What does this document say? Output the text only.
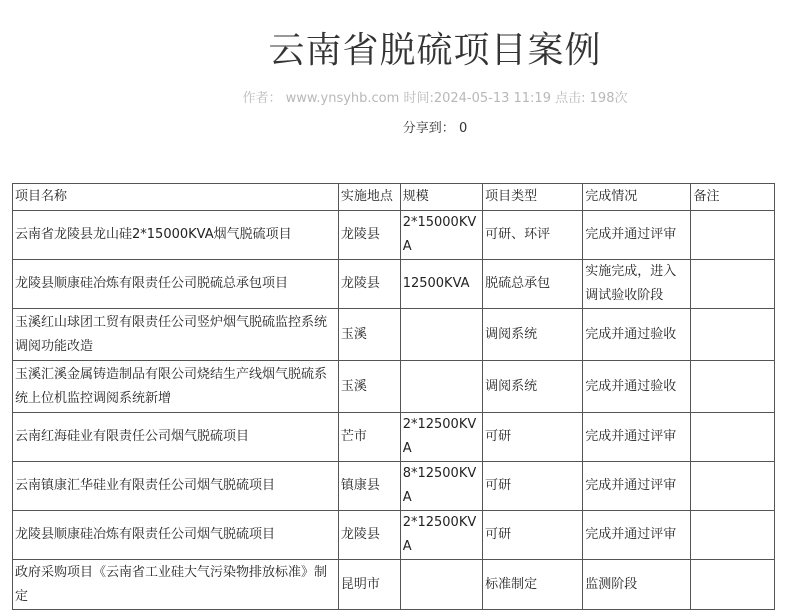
云南省脱硫项目案例
作者： www.ynsyhb.com 时间:2024-05-13 11:19 点击: 198次
分享到： 0
项目名称	实施地点	规模	项目类型	完成情况	备注
云南省龙陵县龙山硅2*15000KVA烟气脱硫项目	龙陵县	2*15000KVA	可研、环评	完成并通过评审	
龙陵县顺康硅冶炼有限责任公司脱硫总承包项目	龙陵县	12500KVA	脱硫总承包	实施完成，进入调试验收阶段	
玉溪红山球团工贸有限责任公司竖炉烟气脱硫监控系统调阅功能改造	玉溪		调阅系统	完成并通过验收	
玉溪汇溪金属铸造制品有限公司烧结生产线烟气脱硫系统上位机监控调阅系统新增	玉溪		调阅系统	完成并通过验收	
云南红海硅业有限责任公司烟气脱硫项目	芒市	2*12500KVA	可研	完成并通过评审	
云南镇康汇华硅业有限责任公司烟气脱硫项目	镇康县	8*12500KVA	可研	完成并通过评审	
龙陵县顺康硅冶炼有限责任公司烟气脱硫项目	龙陵县	2*12500KVA	可研	完成并通过评审	
政府采购项目《云南省工业硅大气污染物排放标准》制定	昆明市		标准制定	监测阶段	
